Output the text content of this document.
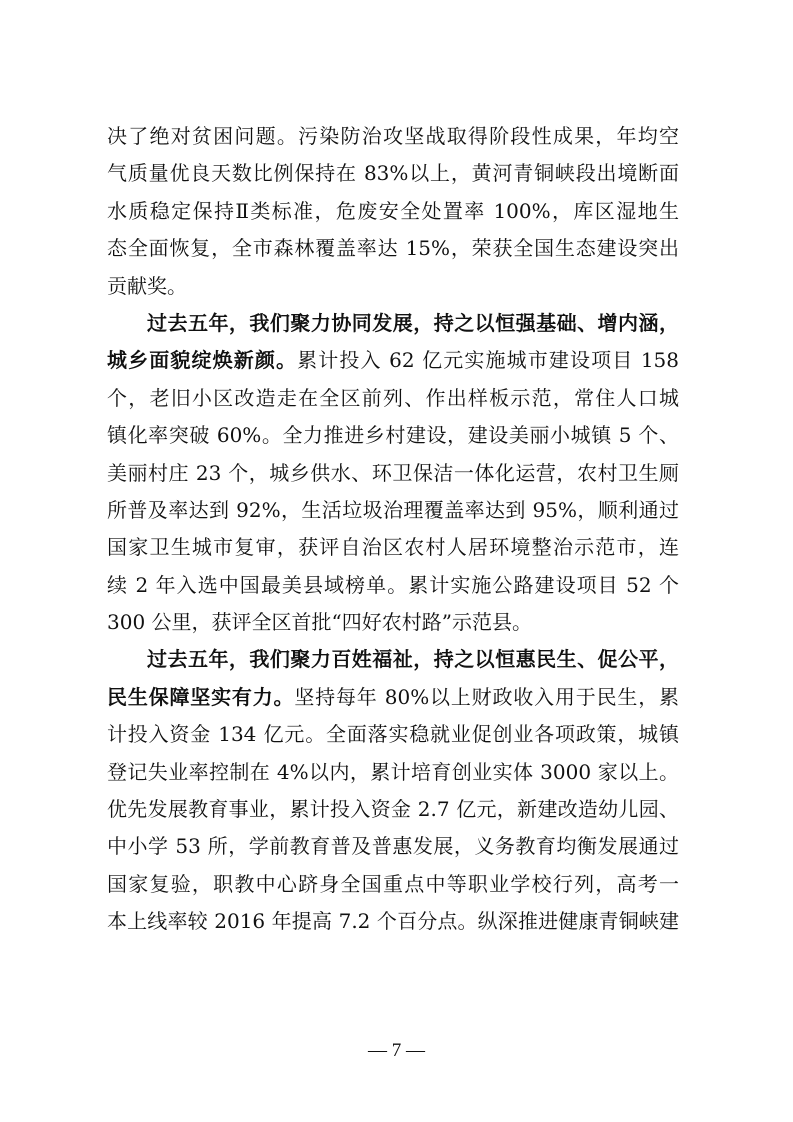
决了绝对贫困问题。污染防治攻坚战取得阶段性成果，年均空
气质量优良天数比例保持在 83%以上，黄河青铜峡段出境断面
水质稳定保持Ⅱ类标准，危废安全处置率 100%，库区湿地生
态全面恢复，全市森林覆盖率达 15%，荣获全国生态建设突出
贡献奖。
过去五年，我们聚力协同发展，持之以恒强基础、增内涵，
城乡面貌绽焕新颜。累计投入 62 亿元实施城市建设项目 158
个，老旧小区改造走在全区前列、作出样板示范，常住人口城
镇化率突破 60%。全力推进乡村建设，建设美丽小城镇 5 个、
美丽村庄 23 个，城乡供水、环卫保洁一体化运营，农村卫生厕
所普及率达到 92%，生活垃圾治理覆盖率达到 95%，顺利通过
国家卫生城市复审，获评自治区农村人居环境整治示范市，连
续 2 年入选中国最美县域榜单。累计实施公路建设项目 52 个
300 公里，获评全区首批“四好农村路”示范县。
过去五年，我们聚力百姓福祉，持之以恒惠民生、促公平，
民生保障坚实有力。坚持每年 80%以上财政收入用于民生，累
计投入资金 134 亿元。全面落实稳就业促创业各项政策，城镇
登记失业率控制在 4%以内，累计培育创业实体 3000 家以上。
优先发展教育事业，累计投入资金 2.7 亿元，新建改造幼儿园、
中小学 53 所，学前教育普及普惠发展，义务教育均衡发展通过
国家复验，职教中心跻身全国重点中等职业学校行列，高考一
本上线率较 2016 年提高 7.2 个百分点。纵深推进健康青铜峡建
— 7 —
